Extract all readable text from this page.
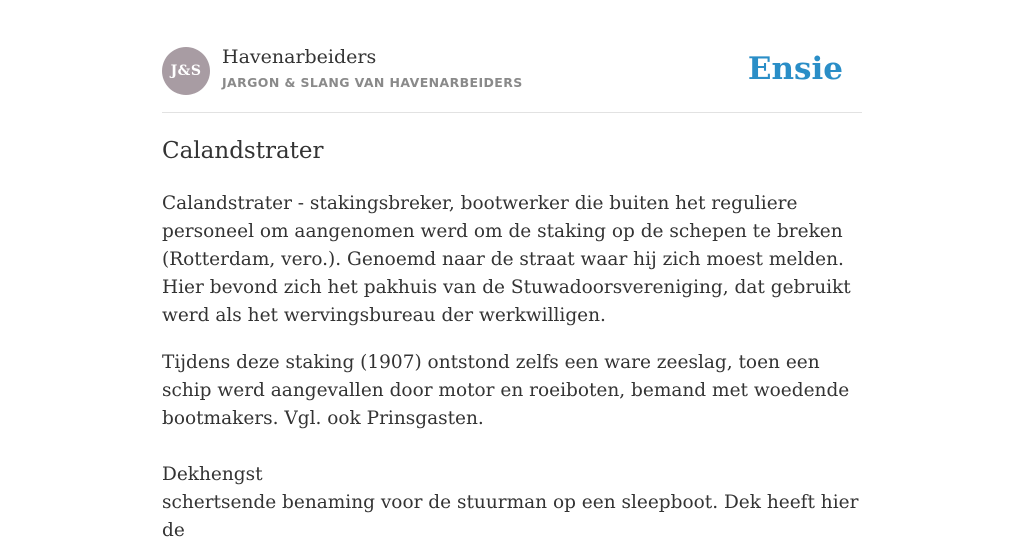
J&S
Havenarbeiders
JARGON & SLANG VAN HAVENARBEIDERS	Ensie
Calandstrater

Calandstrater - stakingsbreker, bootwerker die buiten het reguliere personeel om aangenomen werd om de staking op de schepen te breken (Rotterdam, vero.). Genoemd naar de straat waar hij zich moest melden. Hier bevond zich het pakhuis van de Stuwadoorsvereniging, dat gebruikt werd als het wervingsbureau der werkwilligen.

Tijdens deze staking (1907) ontstond zelfs een ware zeeslag, toen een schip werd aangevallen door motor en roeiboten, bemand met woedende bootmakers. Vgl. ook Prinsgasten.

Dekhengst
schertsende benaming voor de stuurman op een sleepboot. Dek heeft hier de
